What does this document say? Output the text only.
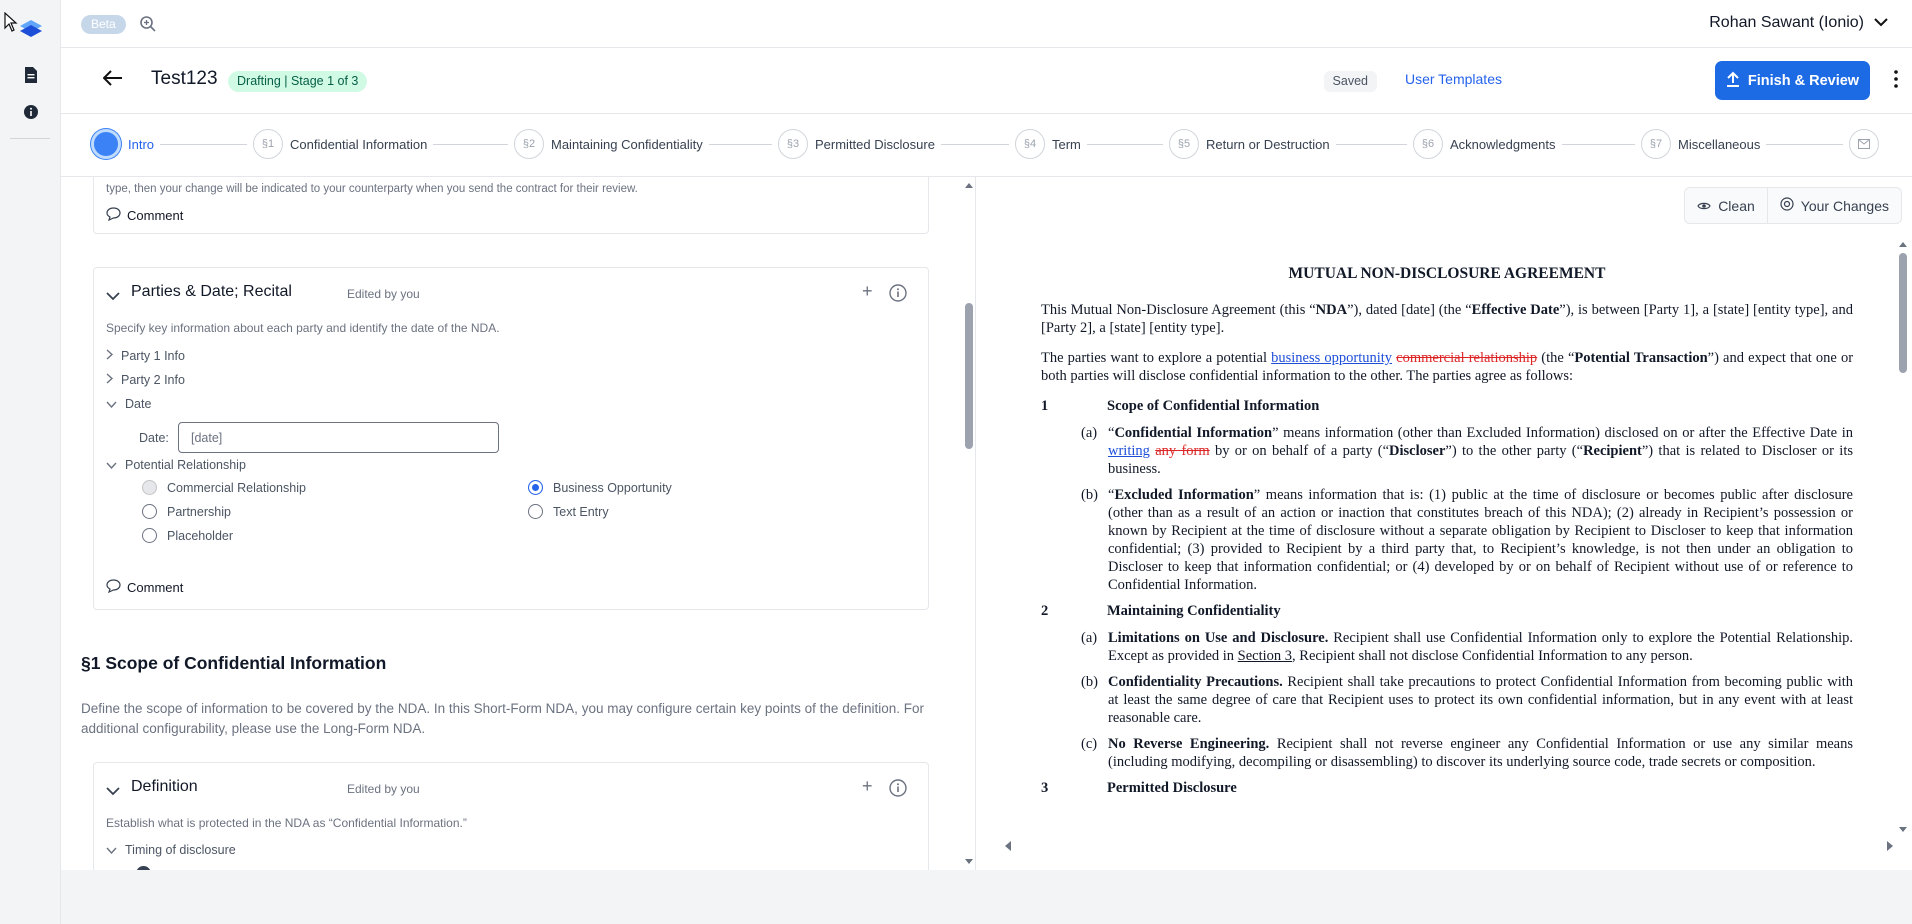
Beta	Rohan Sawant (Ionio)
Test123	Drafting | Stage 1 of 3	Saved	User Templates	Finish & Review
Intro	§1	Confidential Information	§2	Maintaining Confidentiality	§3	Permitted Disclosure	§4	Term	§5	Return or Destruction	§6	Acknowledgments	§7	Miscellaneous
type, then your change will be indicated to your counterparty when you send the contract for their review.
Comment
Parties & Date; Recital	Edited by you	+
Specify key information about each party and identify the date of the NDA.
Party 1 Info
Party 2 Info
Date
Date:	[date]
Potential Relationship
Commercial Relationship	Business Opportunity
Partnership	Text Entry
Placeholder
Comment
§1 Scope of Confidential Information
Define the scope of information to be covered by the NDA. In this Short-Form NDA, you may configure certain key points of the definition. For additional configurability, please use the Long-Form NDA.
Definition	Edited by you	+
Establish what is protected in the NDA as “Confidential Information.”
Timing of disclosure
Clean	Your Changes
MUTUAL NON-DISCLOSURE AGREEMENT
This Mutual Non-Disclosure Agreement (this “NDA”), dated [date] (the “Effective Date”), is between [Party 1], a [state] [entity type], and [Party 2], a [state] [entity type].
The parties want to explore a potential business opportunity commercial relationship (the “Potential Transaction”) and expect that one or both parties will disclose confidential information to the other. The parties agree as follows:
1	Scope of Confidential Information
(a) “Confidential Information” means information (other than Excluded Information) disclosed on or after the Effective Date in writing any form by or on behalf of a party (“Discloser”) to the other party (“Recipient”) that is related to Discloser or its business.
(b) “Excluded Information” means information that is: (1) public at the time of disclosure or becomes public after disclosure (other than as a result of an action or inaction that constitutes breach of this NDA); (2) already in Recipient’s possession or known by Recipient at the time of disclosure without a separate obligation by Recipient to Discloser to keep that information confidential; (3) provided to Recipient by a third party that, to Recipient’s knowledge, is not then under an obligation to Discloser to keep that information confidential; or (4) developed by or on behalf of Recipient without use of or reference to Confidential Information.
2	Maintaining Confidentiality
(a) Limitations on Use and Disclosure. Recipient shall use Confidential Information only to explore the Potential Relationship. Except as provided in Section 3, Recipient shall not disclose Confidential Information to any person.
(b) Confidentiality Precautions. Recipient shall take precautions to protect Confidential Information from becoming public with at least the same degree of care that Recipient uses to protect its own confidential information, but in any event with at least reasonable care.
(c) No Reverse Engineering. Recipient shall not reverse engineer any Confidential Information or use any similar means (including modifying, decompiling or disassembling) to discover its underlying source code, trade secrets or composition.
3	Permitted Disclosure
